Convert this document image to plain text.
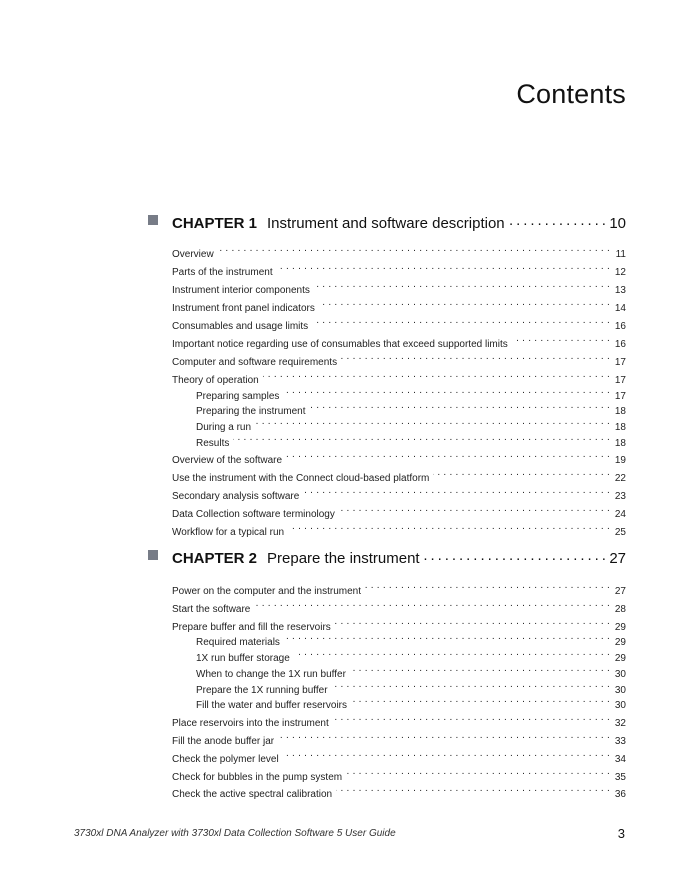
Contents
CHAPTER 1 Instrument and software description . . .	10
Overview . . .	11
Parts of the instrument . . .	12
Instrument interior components . . .	13
Instrument front panel indicators . . .	14
Consumables and usage limits . . .	16
Important notice regarding use of consumables that exceed supported limits . . .	16
Computer and software requirements . . .	17
Theory of operation . . .	17
Preparing samples . . .	17
Preparing the instrument . . .	18
During a run . . .	18
Results . . .	18
Overview of the software . . .	19
Use the instrument with the Connect cloud-based platform . . .	22
Secondary analysis software . . .	23
Data Collection software terminology . . .	24
Workflow for a typical run . . .	25
CHAPTER 2 Prepare the instrument . . .	27
Power on the computer and the instrument . . .	27
Start the software . . .	28
Prepare buffer and fill the reservoirs . . .	29
Required materials . . .	29
1X run buffer storage . . .	29
When to change the 1X run buffer . . .	30
Prepare the 1X running buffer . . .	30
Fill the water and buffer reservoirs . . .	30
Place reservoirs into the instrument . . .	32
Fill the anode buffer jar . . .	33
Check the polymer level . . .	34
Check for bubbles in the pump system . . .	35
Check the active spectral calibration . . .	36
3730xl DNA Analyzer with 3730xl Data Collection Software 5 User Guide	3
